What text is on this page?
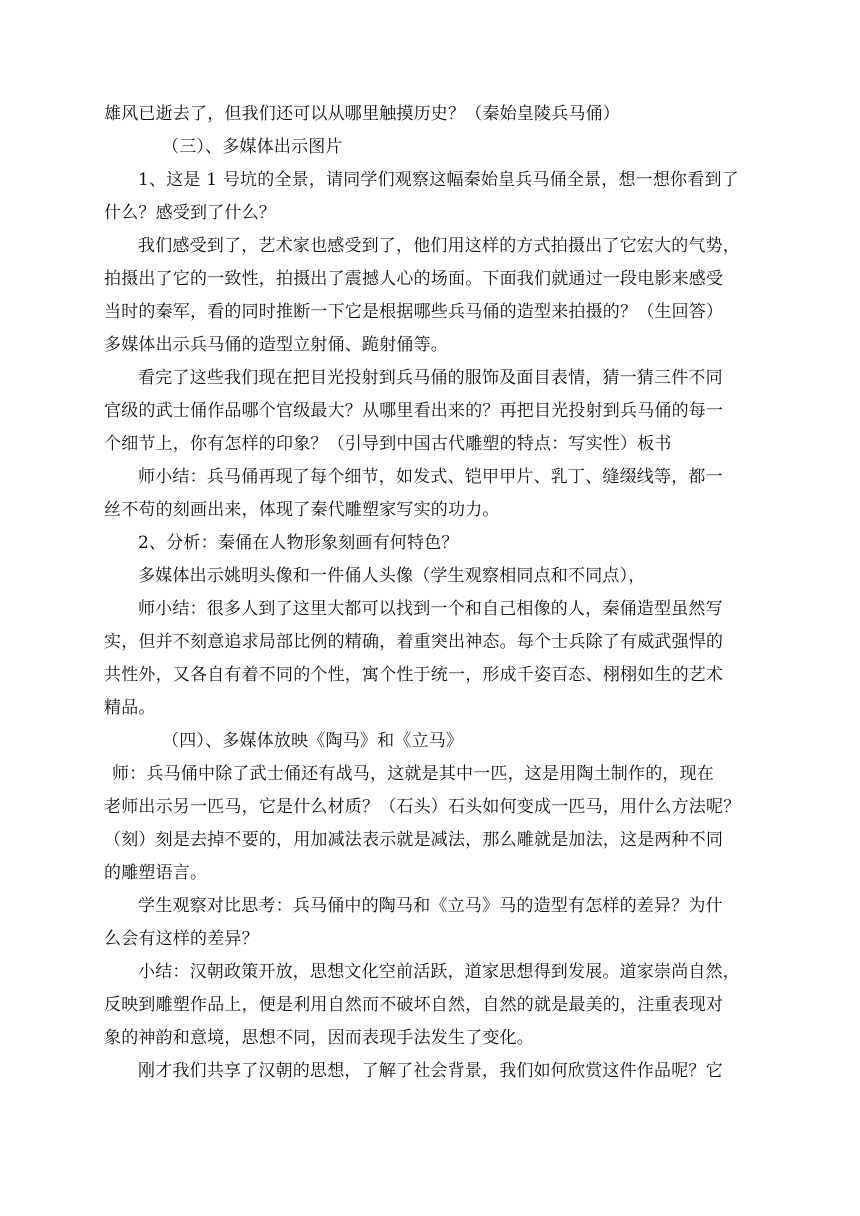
雄风已逝去了，但我们还可以从哪里触摸历史？（秦始皇陵兵马俑）
（三）、多媒体出示图片
1、这是 1 号坑的全景，请同学们观察这幅秦始皇兵马俑全景，想一想你看到了
什么？感受到了什么？
我们感受到了，艺术家也感受到了，他们用这样的方式拍摄出了它宏大的气势，
拍摄出了它的一致性，拍摄出了震撼人心的场面。下面我们就通过一段电影来感受
当时的秦军，看的同时推断一下它是根据哪些兵马俑的造型来拍摄的？（生回答）
多媒体出示兵马俑的造型立射俑、跪射俑等。
看完了这些我们现在把目光投射到兵马俑的服饰及面目表情，猜一猜三件不同
官级的武士俑作品哪个官级最大？从哪里看出来的？再把目光投射到兵马俑的每一
个细节上，你有怎样的印象？（引导到中国古代雕塑的特点：写实性）板书
师小结：兵马俑再现了每个细节，如发式、铠甲甲片、乳丁、缝缀线等，都一
丝不苟的刻画出来，体现了秦代雕塑家写实的功力。
2、分析：秦俑在人物形象刻画有何特色？
多媒体出示姚明头像和一件俑人头像（学生观察相同点和不同点），
师小结：很多人到了这里大都可以找到一个和自己相像的人，秦俑造型虽然写
实，但并不刻意追求局部比例的精确，着重突出神态。每个士兵除了有威武强悍的
共性外，又各自有着不同的个性，寓个性于统一，形成千姿百态、栩栩如生的艺术
精品。
（四）、多媒体放映《陶马》和《立马》
师：兵马俑中除了武士俑还有战马，这就是其中一匹，这是用陶土制作的，现在
老师出示另一匹马，它是什么材质？（石头）石头如何变成一匹马，用什么方法呢？
（刻）刻是去掉不要的，用加减法表示就是减法，那么雕就是加法，这是两种不同
的雕塑语言。
学生观察对比思考：兵马俑中的陶马和《立马》马的造型有怎样的差异？为什
么会有这样的差异？
小结：汉朝政策开放，思想文化空前活跃，道家思想得到发展。道家崇尚自然，
反映到雕塑作品上，便是利用自然而不破坏自然，自然的就是最美的，注重表现对
象的神韵和意境，思想不同，因而表现手法发生了变化。
刚才我们共享了汉朝的思想，了解了社会背景，我们如何欣赏这件作品呢？它
